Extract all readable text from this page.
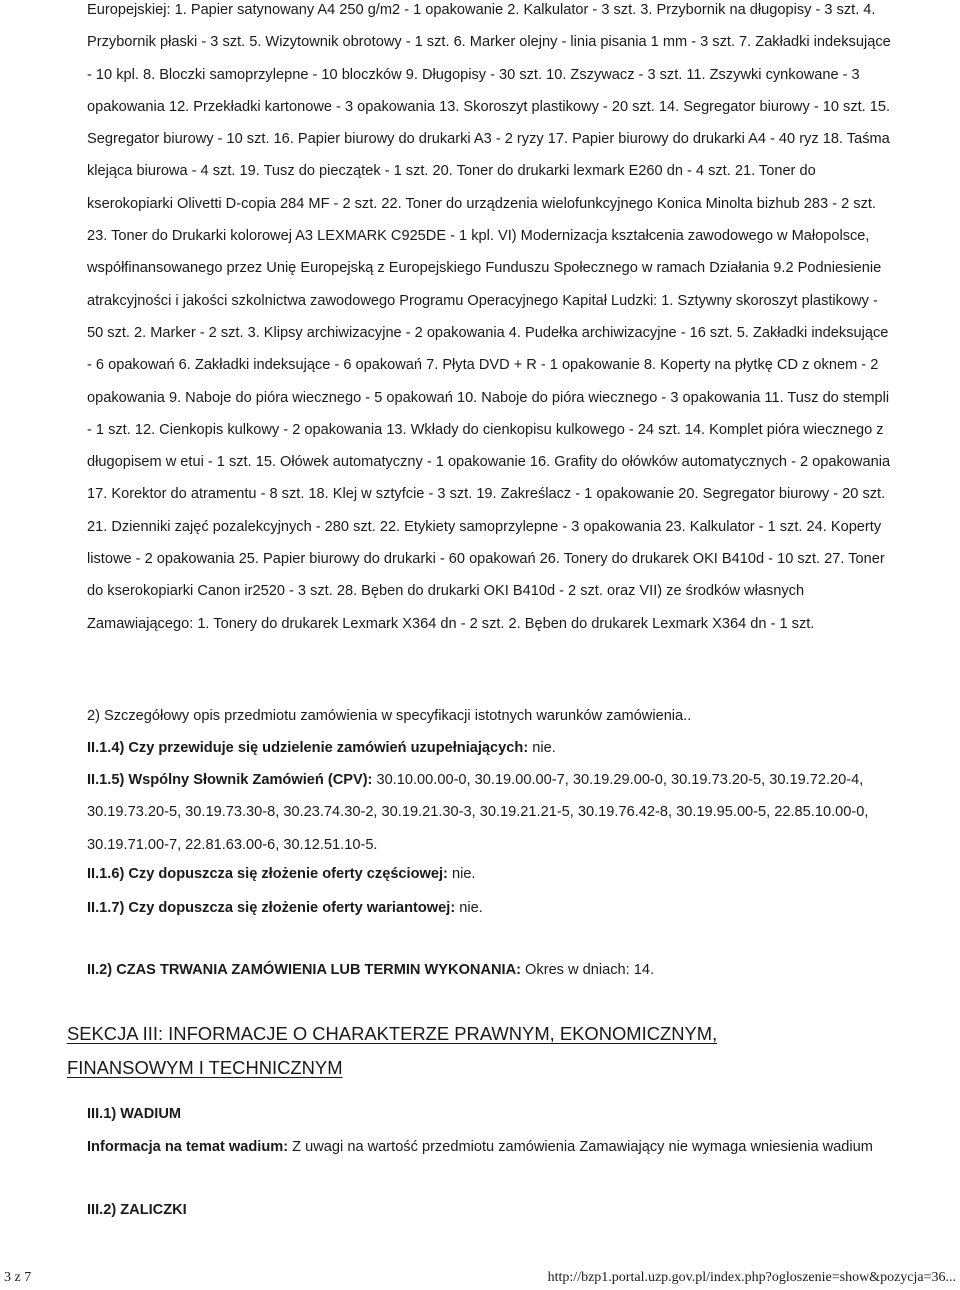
Europejskiej: 1. Papier satynowany A4 250 g/m2 - 1 opakowanie 2. Kalkulator - 3 szt. 3. Przybornik na długopisy - 3 szt. 4. Przybornik płaski - 3 szt. 5. Wizytownik obrotowy - 1 szt. 6. Marker olejny - linia pisania 1 mm - 3 szt. 7. Zakładki indeksujące - 10 kpl. 8. Bloczki samoprzylepne - 10 bloczków 9. Długopisy - 30 szt. 10. Zszywacz - 3 szt. 11. Zszywki cynkowane - 3 opakowania 12. Przekładki kartonowe - 3 opakowania 13. Skoroszyt plastikowy - 20 szt. 14. Segregator biurowy - 10 szt. 15. Segregator biurowy - 10 szt. 16. Papier biurowy do drukarki A3 - 2 ryzy 17. Papier biurowy do drukarki A4 - 40 ryz 18. Taśma klejąca biurowa - 4 szt. 19. Tusz do pieczątek - 1 szt. 20. Toner do drukarki lexmark E260 dn - 4 szt. 21. Toner do kserokopiarki Olivetti D-copia 284 MF - 2 szt. 22. Toner do urządzenia wielofunkcyjnego Konica Minolta bizhub 283 - 2 szt. 23. Toner do Drukarki kolorowej A3 LEXMARK C925DE - 1 kpl. VI) Modernizacja kształcenia zawodowego w Małopolsce, współfinansowanego przez Unię Europejską z Europejskiego Funduszu Społecznego w ramach Działania 9.2 Podniesienie atrakcyjności i jakości szkolnictwa zawodowego Programu Operacyjnego Kapitał Ludzki: 1. Sztywny skoroszyt plastikowy - 50 szt. 2. Marker - 2 szt. 3. Klipsy archiwizacyjne - 2 opakowania 4. Pudełka archiwizacyjne - 16 szt. 5. Zakładki indeksujące - 6 opakowań 6. Zakładki indeksujące - 6 opakowań 7. Płyta DVD + R - 1 opakowanie 8. Koperty na płytkę CD z oknem - 2 opakowania 9. Naboje do pióra wiecznego - 5 opakowań 10. Naboje do pióra wiecznego - 3 opakowania 11. Tusz do stempli - 1 szt. 12. Cienkopis kulkowy - 2 opakowania 13. Wkłady do cienkopisu kulkowego - 24 szt. 14. Komplet pióra wiecznego z długopisem w etui - 1 szt. 15. Ołówek automatyczny - 1 opakowanie 16. Grafity do ołówków automatycznych - 2 opakowania 17. Korektor do atramentu - 8 szt. 18. Klej w sztyfcie - 3 szt. 19. Zakreślacz - 1 opakowanie 20. Segregator biurowy - 20 szt. 21. Dzienniki zajęć pozalekcyjnych - 280 szt. 22. Etykiety samoprzylepne - 3 opakowania 23. Kalkulator - 1 szt. 24. Koperty listowe - 2 opakowania 25. Papier biurowy do drukarki - 60 opakowań 26. Tonery do drukarek OKI B410d - 10 szt. 27. Toner do kserokopiarki Canon ir2520 - 3 szt. 28. Bęben do drukarki OKI B410d - 2 szt. oraz VII) ze środków własnych Zamawiającego: 1. Tonery do drukarek Lexmark X364 dn - 2 szt. 2. Bęben do drukarek Lexmark X364 dn - 1 szt.

2) Szczegółowy opis przedmiotu zamówienia w specyfikacji istotnych warunków zamówienia..

II.1.4) Czy przewiduje się udzielenie zamówień uzupełniających: nie.

II.1.5) Wspólny Słownik Zamówień (CPV): 30.10.00.00-0, 30.19.00.00-7, 30.19.29.00-0, 30.19.73.20-5, 30.19.72.20-4, 30.19.73.20-5, 30.19.73.30-8, 30.23.74.30-2, 30.19.21.30-3, 30.19.21.21-5, 30.19.76.42-8, 30.19.95.00-5, 22.85.10.00-0, 30.19.71.00-7, 22.81.63.00-6, 30.12.51.10-5.

II.1.6) Czy dopuszcza się złożenie oferty częściowej: nie.

II.1.7) Czy dopuszcza się złożenie oferty wariantowej: nie.

II.2) CZAS TRWANIA ZAMÓWIENIA LUB TERMIN WYKONANIA: Okres w dniach: 14.

SEKCJA III: INFORMACJE O CHARAKTERZE PRAWNYM, EKONOMICZNYM, FINANSOWYM I TECHNICZNYM

III.1) WADIUM

Informacja na temat wadium: Z uwagi na wartość przedmiotu zamówienia Zamawiający nie wymaga wniesienia wadium

III.2) ZALICZKI

3 z 7	http://bzp1.portal.uzp.gov.pl/index.php?ogloszenie=show&pozycja=36...
